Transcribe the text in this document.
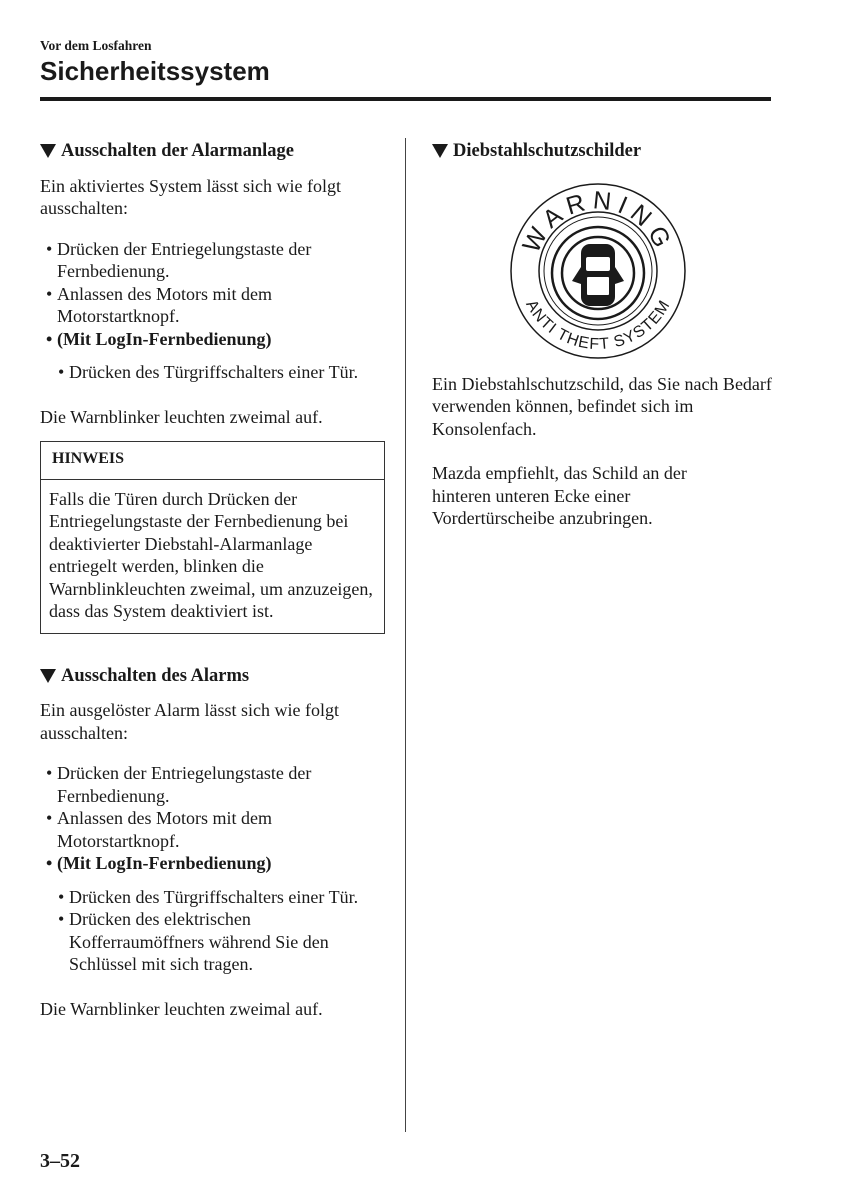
Vor dem Losfahren
Sicherheitssystem
Ausschalten der Alarmanlage

Ein aktiviertes System lässt sich wie folgt ausschalten:

• Drücken der Entriegelungstaste der Fernbedienung.
• Anlassen des Motors mit dem Motorstartknopf.
• (Mit LogIn-Fernbedienung)
• Drücken des Türgriffschalters einer Tür.

Die Warnblinker leuchten zweimal auf.

HINWEIS
Falls die Türen durch Drücken der Entriegelungstaste der Fernbedienung bei deaktivierter Diebstahl-Alarmanlage entriegelt werden, blinken die Warnblinkleuchten zweimal, um anzuzeigen, dass das System deaktiviert ist.
Ausschalten des Alarms

Ein ausgelöster Alarm lässt sich wie folgt ausschalten:

• Drücken der Entriegelungstaste der Fernbedienung.
• Anlassen des Motors mit dem Motorstartknopf.
• (Mit LogIn-Fernbedienung)
• Drücken des Türgriffschalters einer Tür.
• Drücken des elektrischen Kofferraumöffners während Sie den Schlüssel mit sich tragen.

Die Warnblinker leuchten zweimal auf.

Diebstahlschutzschilder
WARNING
ANTI THEFT SYSTEM

Ein Diebstahlschutzschild, das Sie nach Bedarf verwenden können, befindet sich im Konsolenfach.

Mazda empfiehlt, das Schild an der hinteren unteren Ecke einer Vordertürscheibe anzubringen.

3–52
